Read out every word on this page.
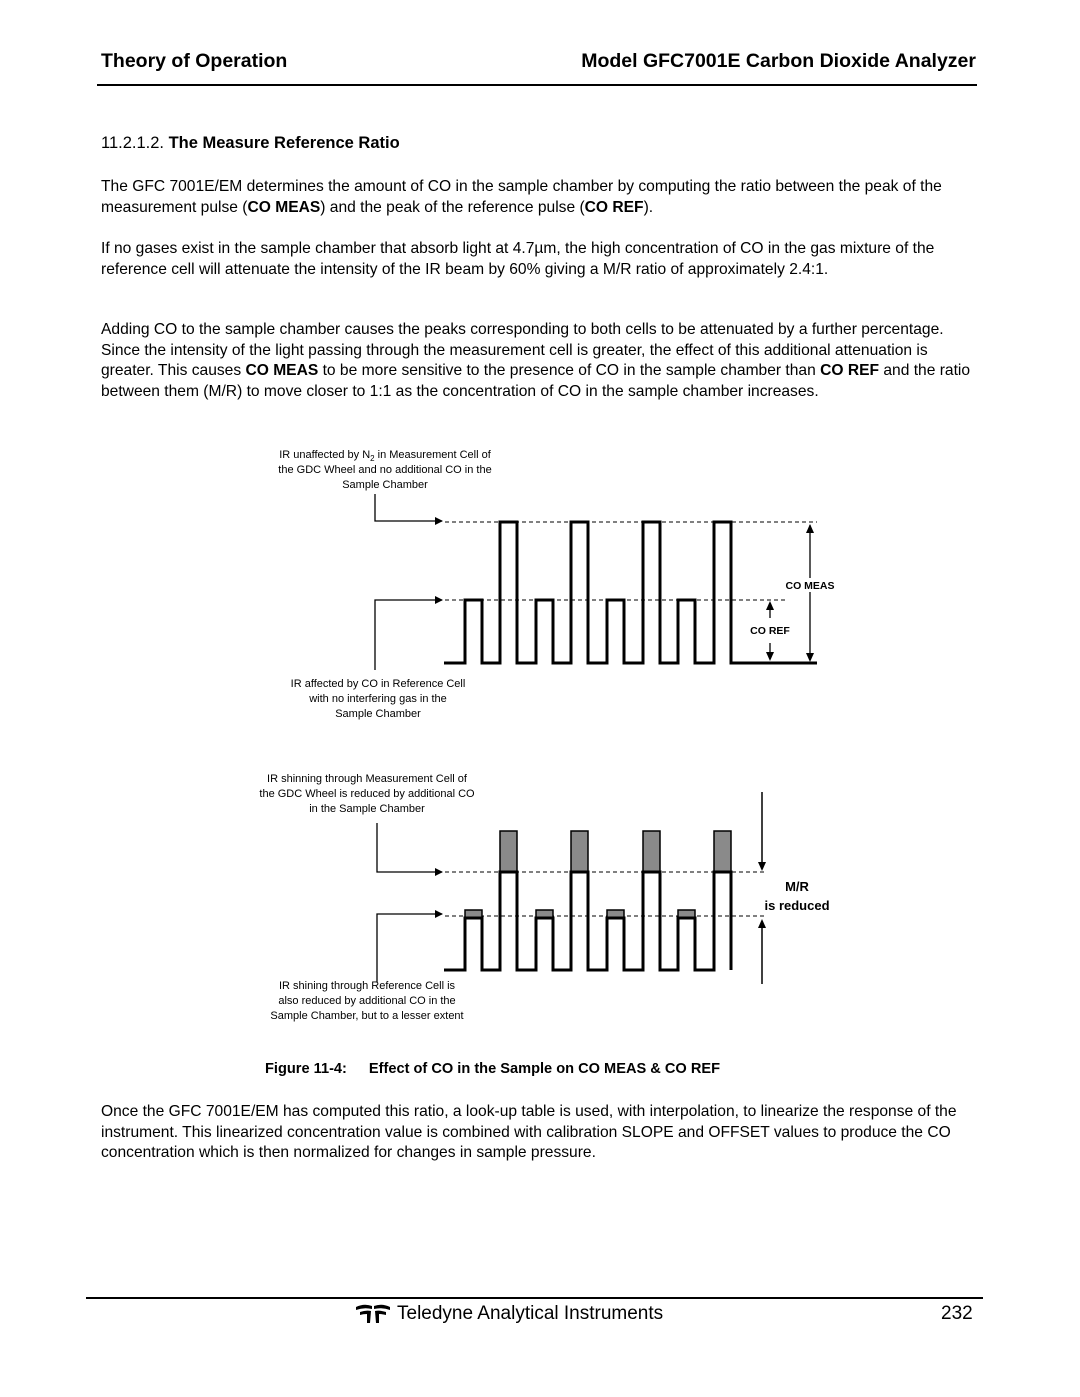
Theory of Operation	Model GFC7001E Carbon Dioxide Analyzer
11.2.1.2. The Measure Reference Ratio

The GFC 7001E/EM determines the amount of CO in the sample chamber by computing the ratio between the peak of the measurement pulse (CO MEAS) and the peak of the reference pulse (CO REF).

If no gases exist in the sample chamber that absorb light at 4.7µm, the high concentration of CO in the gas mixture of the reference cell will attenuate the intensity of the IR beam by 60% giving a M/R ratio of approximately 2.4:1.

Adding CO to the sample chamber causes the peaks corresponding to both cells to be attenuated by a further percentage. Since the intensity of the light passing through the measurement cell is greater, the effect of this additional attenuation is greater. This causes CO MEAS to be more sensitive to the presence of CO in the sample chamber than CO REF and the ratio between them (M/R) to move closer to 1:1 as the concentration of CO in the sample chamber increases.

IR unaffected by $N_2$ in Measurement Cell of
the GDC Wheel and no additional CO in the
Sample Chamber
CO MEAS
CO REF
IR affected by CO in Reference Cell
with no interfering gas in the
Sample Chamber
IR shinning through Measurement Cell of
the GDC Wheel is reduced by additional CO
in the Sample Chamber
M/R
is reduced
IR shining through Reference Cell is
also reduced by additional CO in the
Sample Chamber, but to a lesser extent
Figure 11-4: Effect of CO in the Sample on CO MEAS & CO REF

Once the GFC 7001E/EM has computed this ratio, a look-up table is used, with interpolation, to linearize the response of the instrument. This linearized concentration value is combined with calibration SLOPE and OFFSET values to produce the CO concentration which is then normalized for changes in sample pressure.

Teledyne Analytical Instruments	232
